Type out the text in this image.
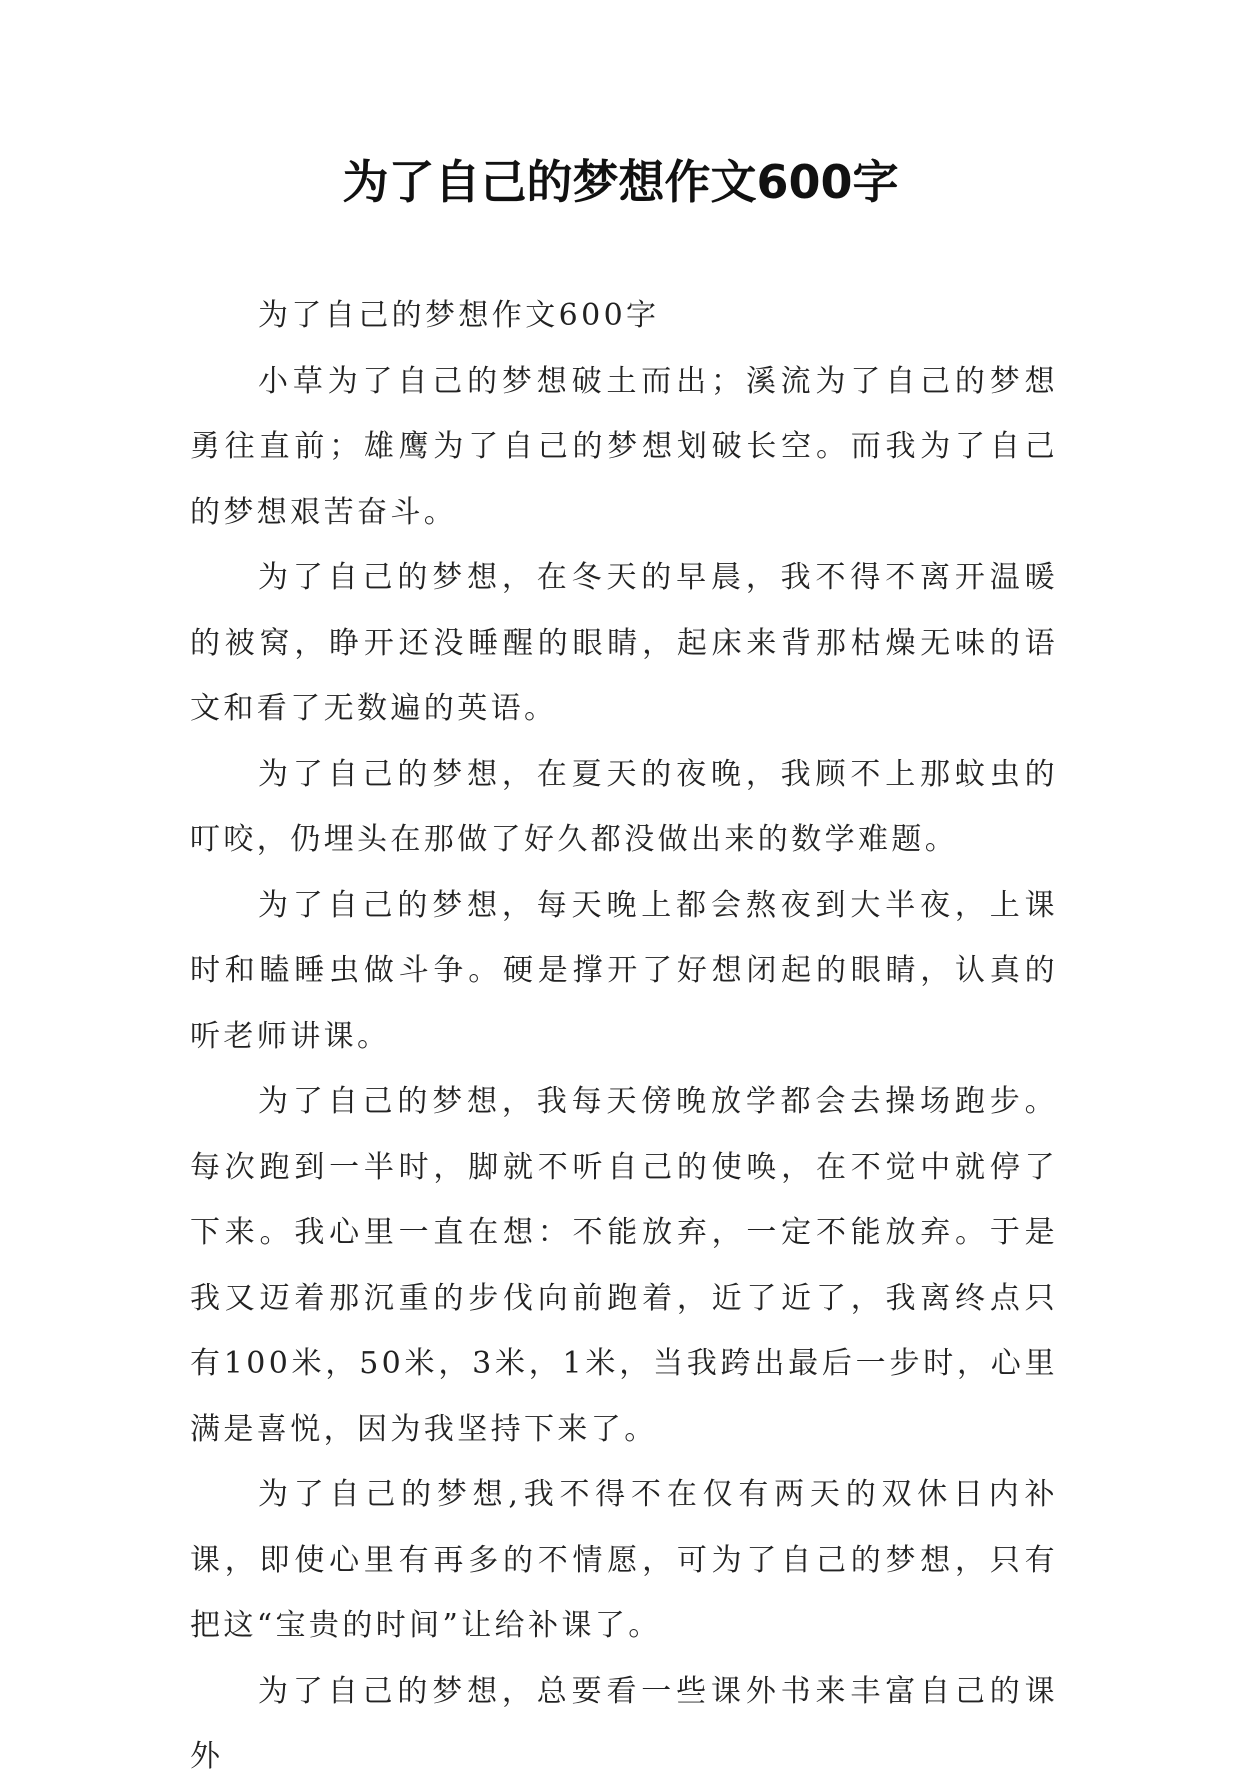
为了自己的梦想作文600字

为了自己的梦想作文600字

小草为了自己的梦想破土而出；溪流为了自己的梦想勇往直前；雄鹰为了自己的梦想划破长空。而我为了自己的梦想艰苦奋斗。

为了自己的梦想，在冬天的早晨，我不得不离开温暖的被窝，睁开还没睡醒的眼睛，起床来背那枯燥无味的语文和看了无数遍的英语。

为了自己的梦想，在夏天的夜晚，我顾不上那蚊虫的叮咬，仍埋头在那做了好久都没做出来的数学难题。

为了自己的梦想，每天晚上都会熬夜到大半夜，上课时和瞌睡虫做斗争。硬是撑开了好想闭起的眼睛，认真的听老师讲课。

为了自己的梦想，我每天傍晚放学都会去操场跑步。每次跑到一半时，脚就不听自己的使唤，在不觉中就停了下来。我心里一直在想：不能放弃，一定不能放弃。于是我又迈着那沉重的步伐向前跑着，近了近了，我离终点只有100米，50米，3米，1米，当我跨出最后一步时，心里满是喜悦，因为我坚持下来了。

为了自己的梦想,我不得不在仅有两天的双休日内补课，即使心里有再多的不情愿，可为了自己的梦想，只有把这“宝贵的时间”让给补课了。

为了自己的梦想，总要看一些课外书来丰富自己的课外
